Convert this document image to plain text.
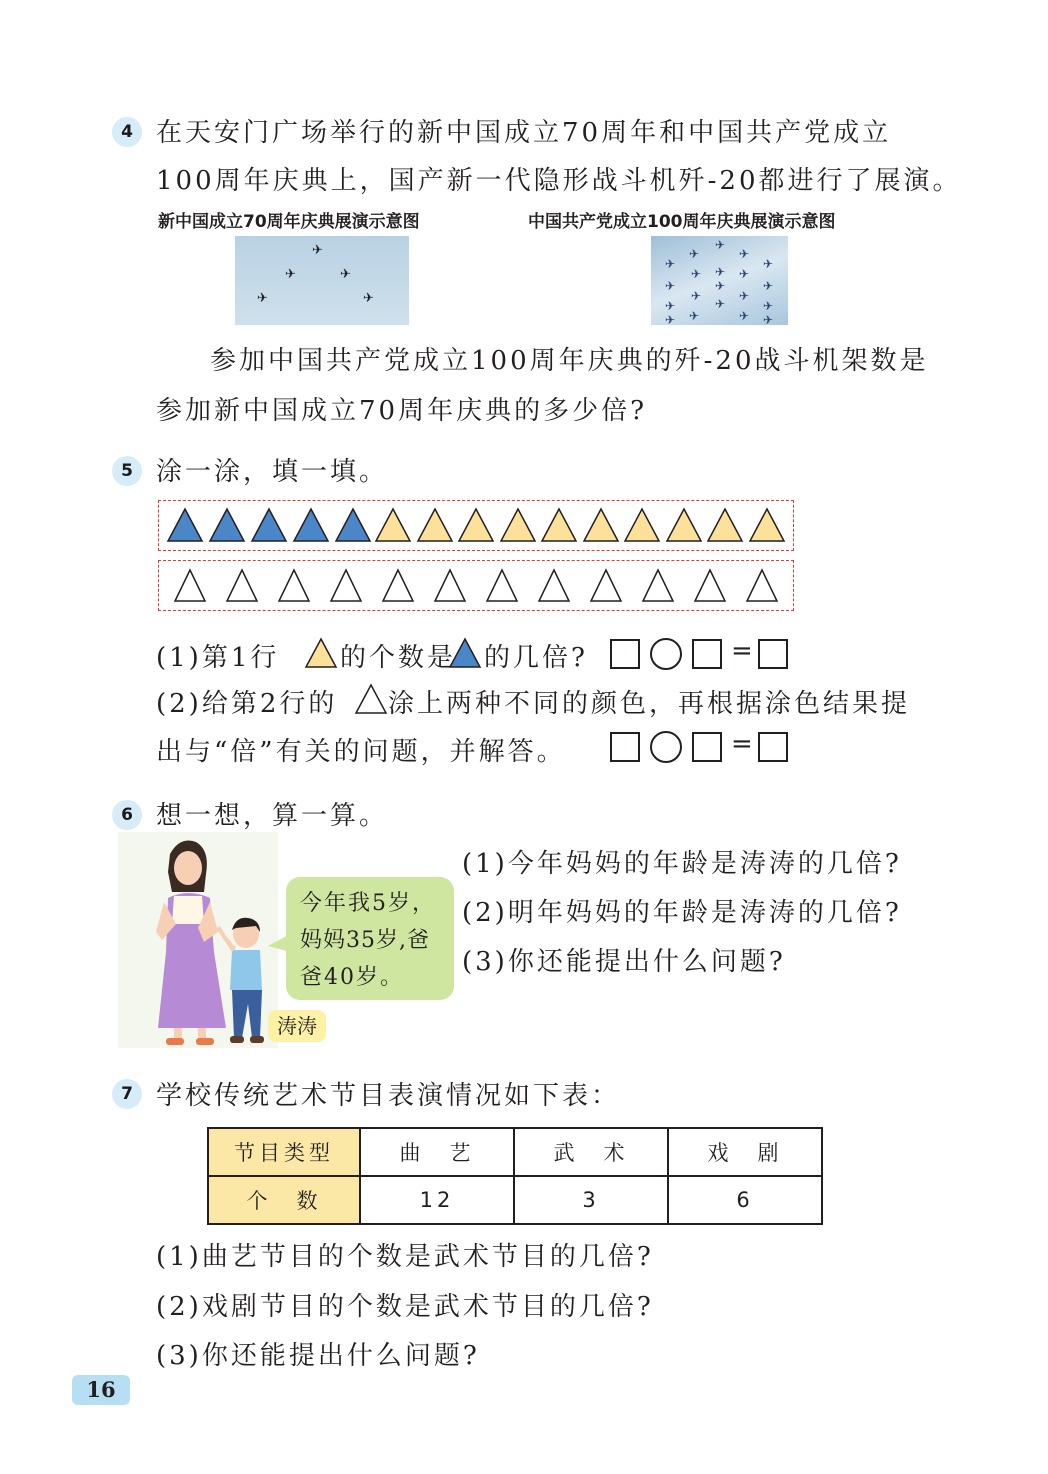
4 在天安门广场举行的新中国成立70周年和中国共产党成立
100周年庆典上，国产新一代隐形战斗机歼-20都进行了展演。
新中国成立70周年庆典展演示意图	中国共产党成立100周年庆典展演示意图
✈
✈	✈
✈	✈
✈
✈	✈
✈	✈
✈ ✈ ✈
✈	✈	✈
✈	✈
✈	✈	✈
✈	✈
✈	✈
参加中国共产党成立100周年庆典的歼-20战斗机架数是
参加新中国成立70周年庆典的多少倍?
5 涂一涂，填一填。
(1)第1行 的个数是 的几倍?	=
(2)给第2行的 涂上两种不同的颜色，再根据涂色结果提
出与“倍”有关的问题，并解答。	=
6 想一想，算一算。
今年我5岁，
妈妈35岁,爸
爸40岁。
涛涛
(1)今年妈妈的年龄是涛涛的几倍?
(2)明年妈妈的年龄是涛涛的几倍?
(3)你还能提出什么问题?
7 学校传统艺术节目表演情况如下表：
节目类型	曲　艺	武　术	戏　剧
个　数	12	3	6
(1)曲艺节目的个数是武术节目的几倍?
(2)戏剧节目的个数是武术节目的几倍?
(3)你还能提出什么问题?
16
